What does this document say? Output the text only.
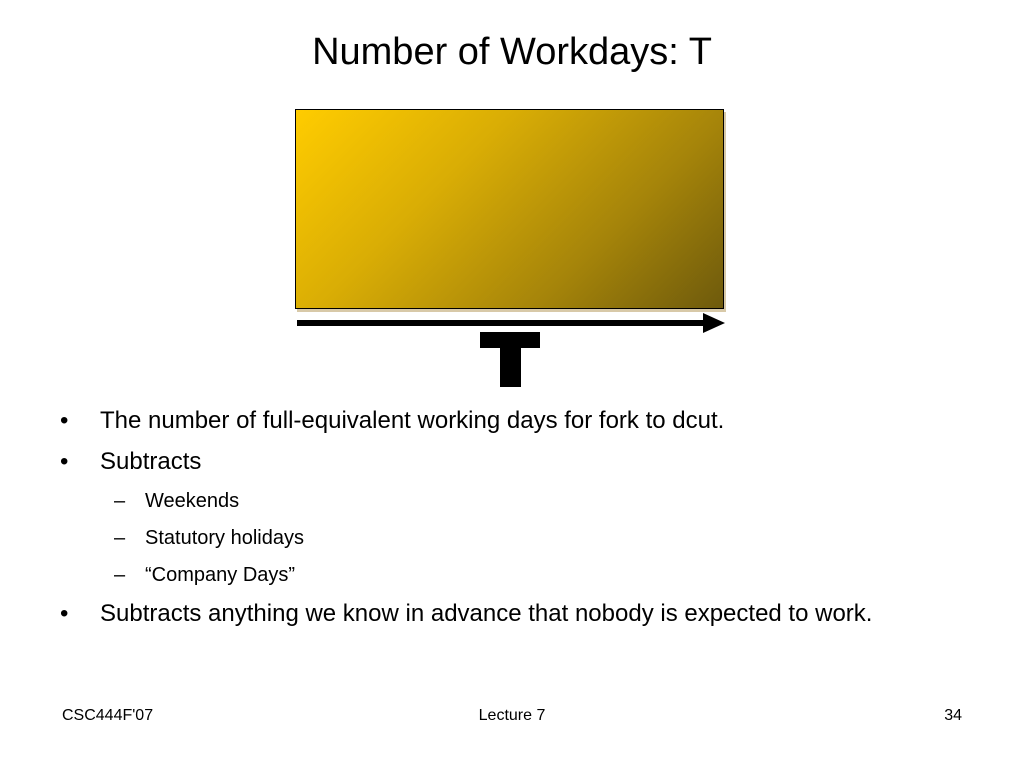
Number of Workdays: T
T
• The number of full-equivalent working days for fork to dcut.
• Subtracts
– Weekends
– Statutory holidays
– “Company Days”
• Subtracts anything we know in advance that nobody is expected to work.
CSC444F'07	Lecture 7	34
